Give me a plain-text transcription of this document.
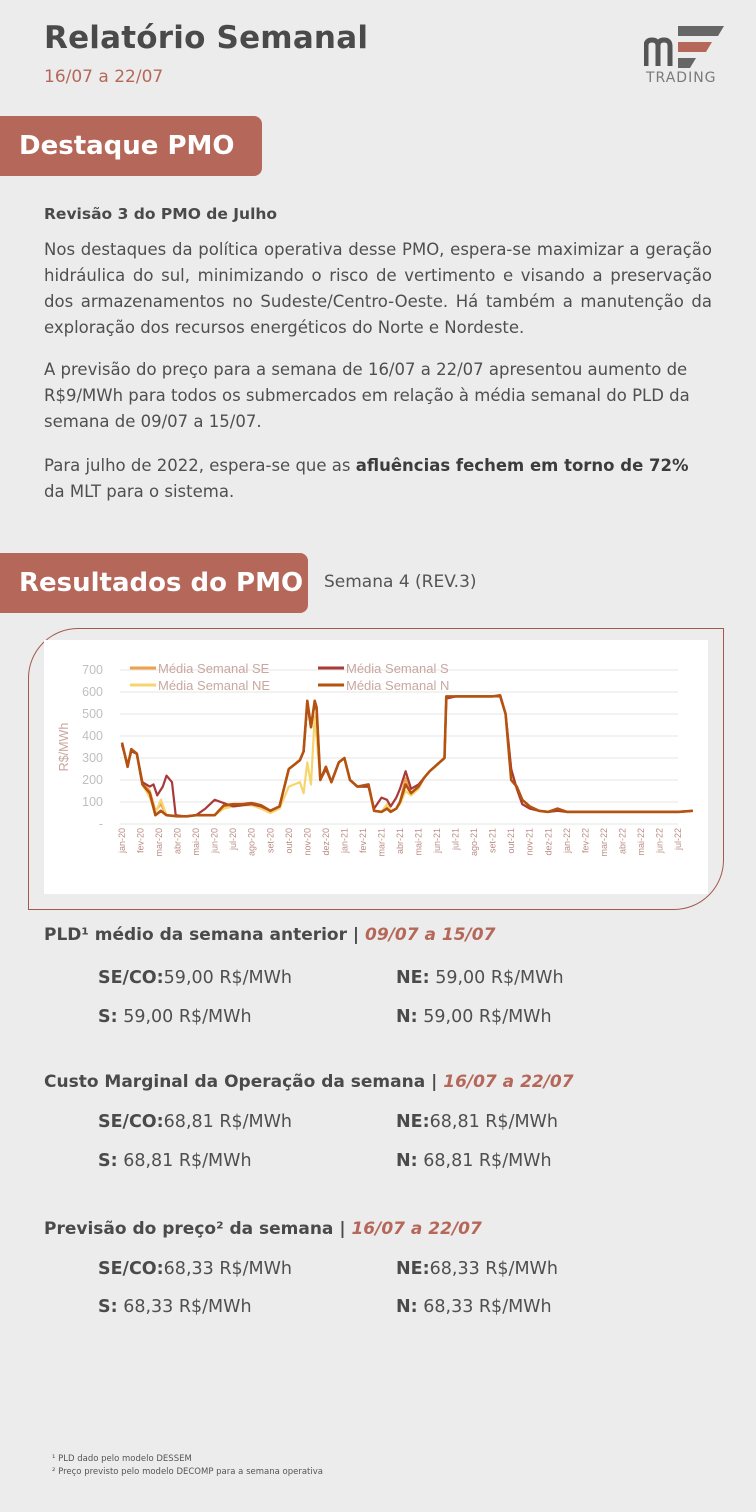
Relatório Semanal
16/07 a 22/07	TRADING
Destaque PMO
Revisão 3 do PMO de Julho
Nos destaques da política operativa desse PMO, espera-se maximizar a geração hidráulica do sul, minimizando o risco de vertimento e visando a preservação dos armazenamentos no Sudeste/Centro-Oeste. Há também a manutenção da exploração dos recursos energéticos do Norte e Nordeste.
A previsão do preço para a semana de 16/07 a 22/07 apresentou aumento de R$9/MWh para todos os submercados em relação à média semanal do PLD da semana de 09/07 a 15/07.
Para julho de 2022, espera-se que as afluências fechem em torno de 72% da MLT para o sistema.
Resultados do PMO Semana 4 (REV.3)
-
100
200
300
400
500
600
700
R$/MWh
jan-20 fev-20 mar-20 abr-20 mai-20 jun-20 jul-20 ago-20 set-20 out-20 nov-20 dez-20 jan-21 fev-21 mar-21 abr-21 mai-21 jun-21 jul-21 ago-21 set-21 out-21 nov-21 dez-21 jan-22 fev-22 mar-22 abr-22 mai-22 jun-22 jul-22
Média Semanal SE
Média Semanal NE
Média Semanal S
Média Semanal N
PLD¹ médio da semana anterior | 09/07 a 15/07
SE/CO:59,00 R$/MWh	NE: 59,00 R$/MWh
S: 59,00 R$/MWh	N: 59,00 R$/MWh
Custo Marginal da Operação da semana | 16/07 a 22/07
SE/CO:68,81 R$/MWh	NE:68,81 R$/MWh
S: 68,81 R$/MWh	N: 68,81 R$/MWh
Previsão do preço² da semana | 16/07 a 22/07
SE/CO:68,33 R$/MWh	NE:68,33 R$/MWh
S: 68,33 R$/MWh	N: 68,33 R$/MWh
¹ PLD dado pelo modelo DESSEM
² Preço previsto pelo modelo DECOMP para a semana operativa
